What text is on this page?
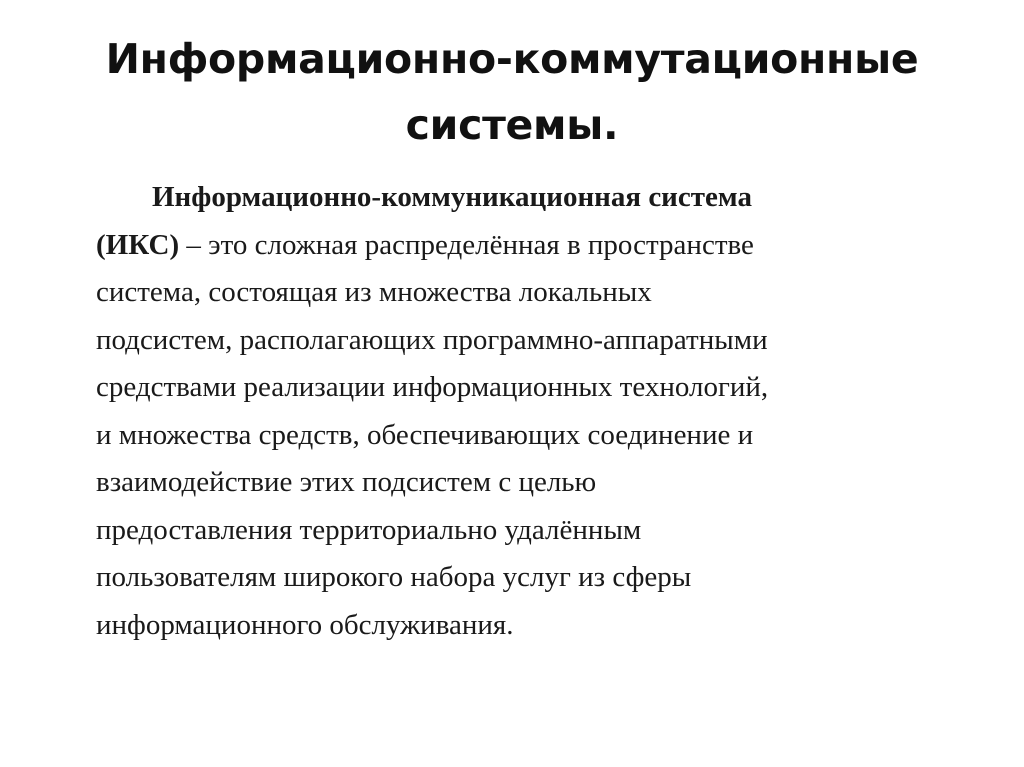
Информационно-коммутационные
системы.

Информационно-коммуникационная система
(ИКС) – это сложная распределённая в пространстве
система, состоящая из множества локальных
подсистем, располагающих программно-аппаратными
средствами реализации информационных технологий,
и множества средств, обеспечивающих соединение и
взаимодействие этих подсистем с целью
предоставления территориально удалённым
пользователям широкого набора услуг из сферы
информационного обслуживания.
